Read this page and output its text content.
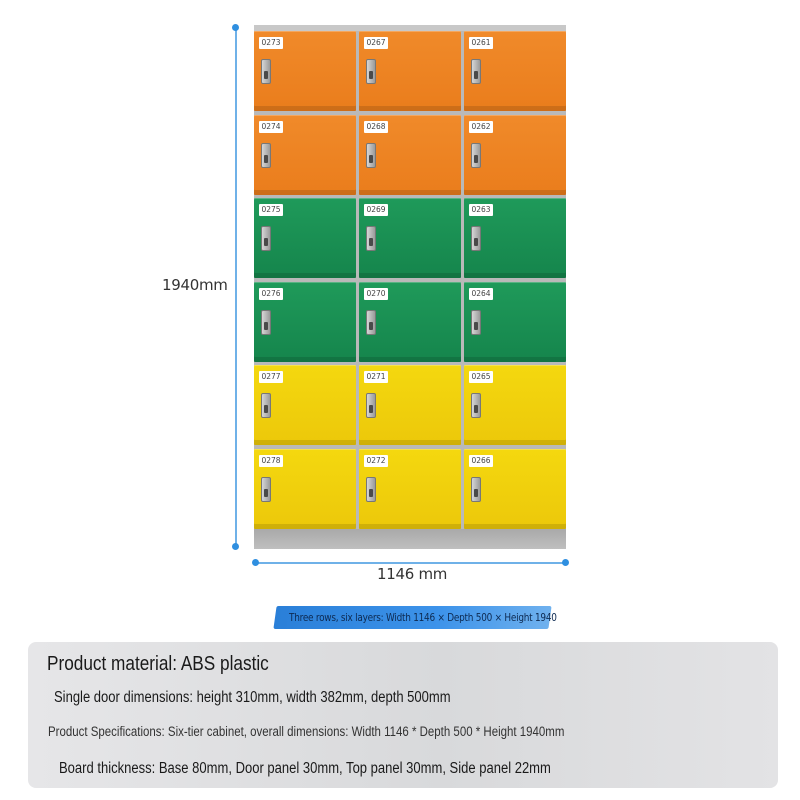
1940mm
1146 mm
0273	0267	0261
0274	0268	0262
0275	0269	0263
0276	0270	0264
0277	0271	0265
0278	0272	0266
Three rows, six layers: Width 1146 × Depth 500 × Height 1940
Product material: ABS plastic
Single door dimensions: height 310mm, width 382mm, depth 500mm
Product Specifications: Six-tier cabinet, overall dimensions: Width 1146 * Depth 500 * Height 1940mm
Board thickness: Base 80mm, Door panel 30mm, Top panel 30mm, Side panel 22mm
